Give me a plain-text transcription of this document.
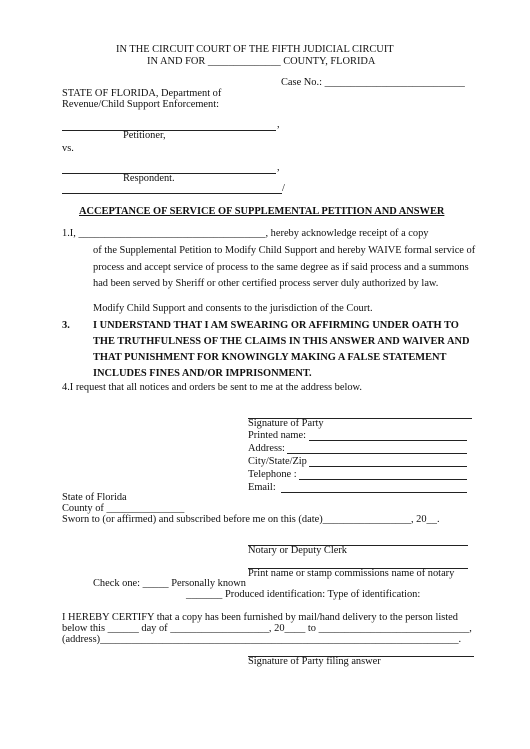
IN THE CIRCUIT COURT OF THE FIFTH JUDICIAL CIRCUIT
IN AND FOR ______________ COUNTY, FLORIDA
Case No.: ___________________________
STATE OF FLORIDA, Department of
Revenue/Child Support Enforcement:
,
Petitioner,
vs.
,
Respondent.
/
ACCEPTANCE OF SERVICE OF SUPPLEMENTAL PETITION AND ANSWER
1.I, ____________________________________, hereby acknowledge receipt of a copy
of the Supplemental Petition to Modify Child Support and hereby WAIVE formal service of
process and accept service of process to the same degree as if said process and a summons
had been served by Sheriff or other certified process server duly authorized by law.
Modify Child Support and consents to the jurisdiction of the Court.
3. I UNDERSTAND THAT I AM SWEARING OR AFFIRMING UNDER OATH TO
THE TRUTHFULNESS OF THE CLAIMS IN THIS ANSWER AND WAIVER AND
THAT PUNISHMENT FOR KNOWINGLY MAKING A FALSE STATEMENT
INCLUDES FINES AND/OR IMPRISONMENT.
4.I request that all notices and orders be sent to me at the address below.
Signature of Party
Printed name:
Address:
City/State/Zip
Telephone :
Email:
State of Florida
County of _______________
Sworn to (or affirmed) and subscribed before me on this (date)_________________, 20__.
Notary or Deputy Clerk
Print name or stamp commissions name of notary
Check one: _____ Personally known
_______ Produced identification: Type of identification:
I HEREBY CERTIFY that a copy has been furnished by mail/hand delivery to the person listed
below this ______ day of ___________________, 20____ to _____________________________,
(address)_____________________________________________________________________.
Signature of Party filing answer
